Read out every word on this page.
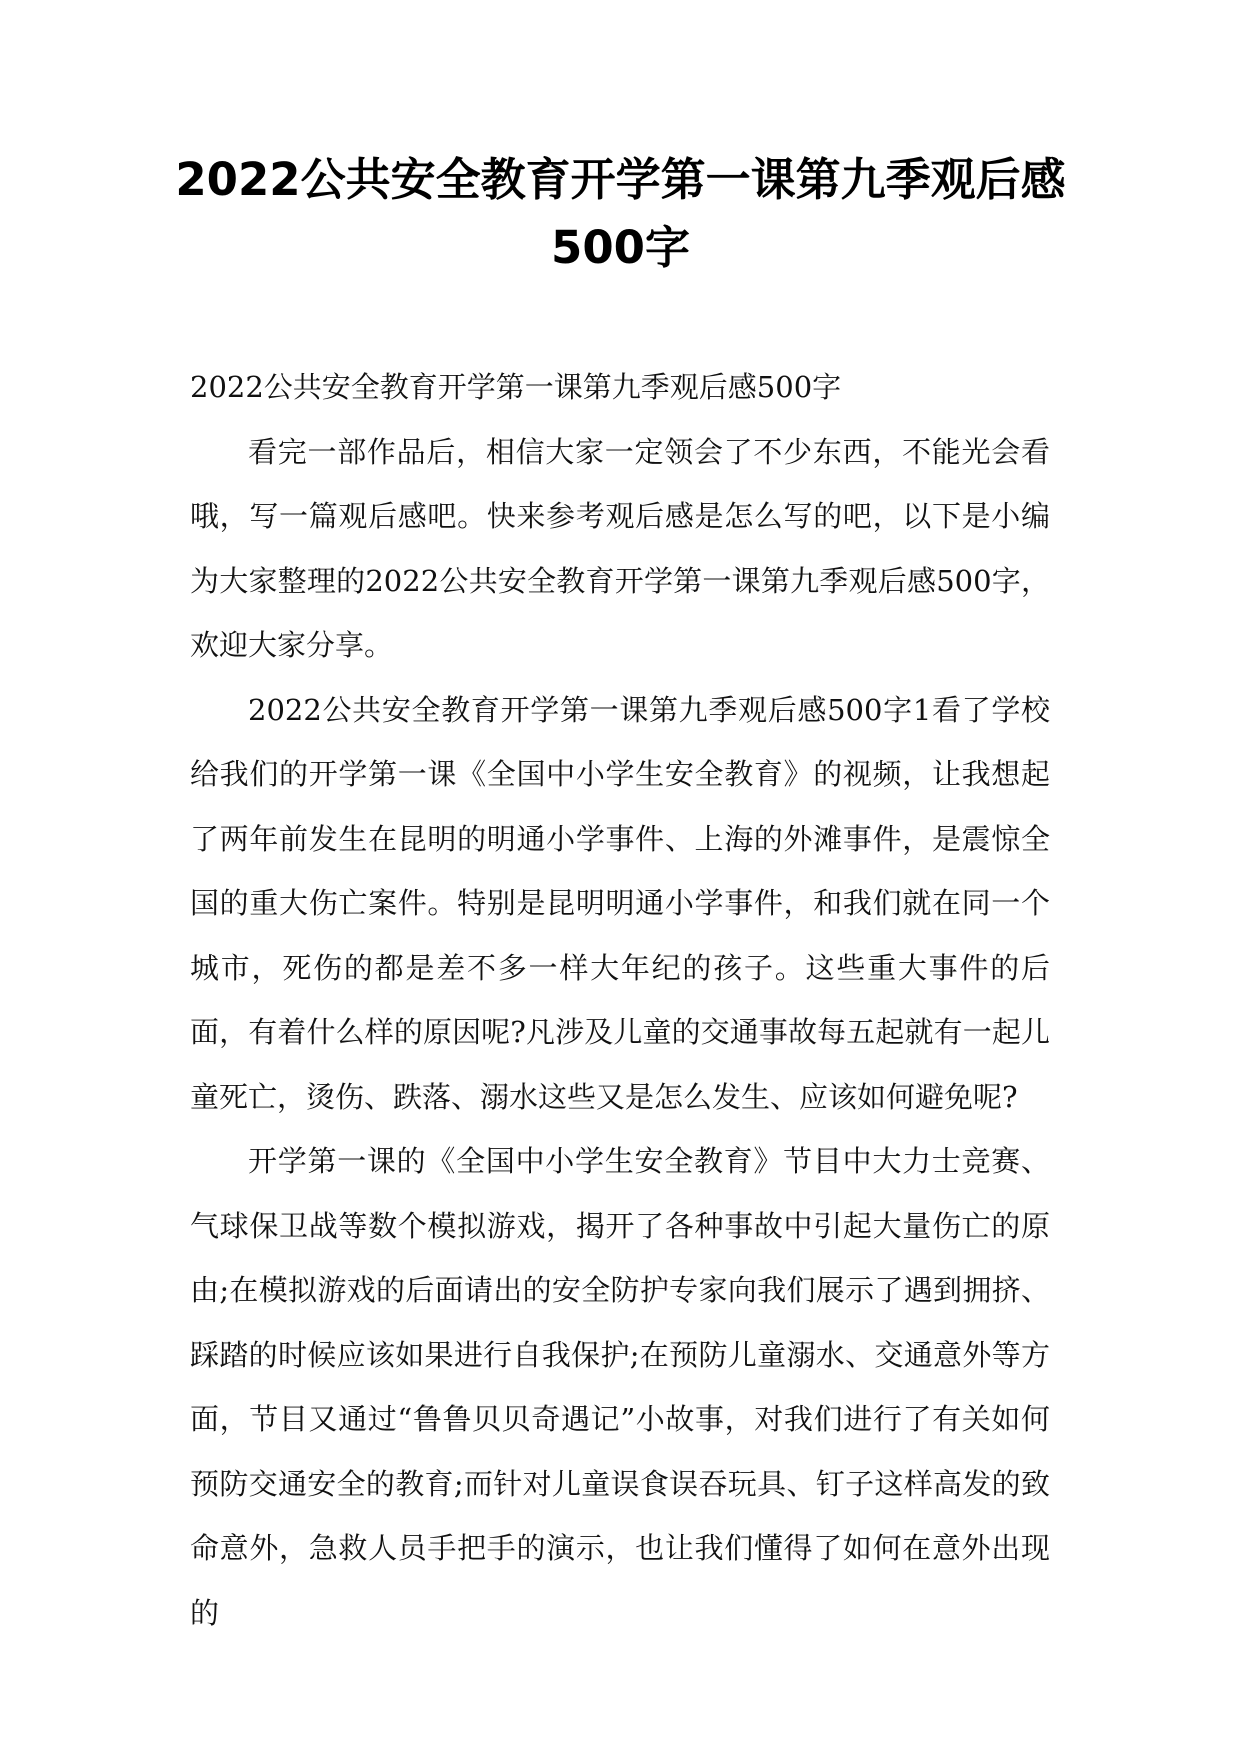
2022公共安全教育开学第一课第九季观后感500字

2022公共安全教育开学第一课第九季观后感500字

看完一部作品后，相信大家一定领会了不少东西，不能光会看哦，写一篇观后感吧。快来参考观后感是怎么写的吧，以下是小编为大家整理的2022公共安全教育开学第一课第九季观后感500字，欢迎大家分享。

2022公共安全教育开学第一课第九季观后感500字1看了学校给我们的开学第一课《全国中小学生安全教育》的视频，让我想起了两年前发生在昆明的明通小学事件、上海的外滩事件，是震惊全国的重大伤亡案件。特别是昆明明通小学事件，和我们就在同一个城市，死伤的都是差不多一样大年纪的孩子。这些重大事件的后面，有着什么样的原因呢?凡涉及儿童的交通事故每五起就有一起儿童死亡，烫伤、跌落、溺水这些又是怎么发生、应该如何避免呢?

开学第一课的《全国中小学生安全教育》节目中大力士竞赛、气球保卫战等数个模拟游戏，揭开了各种事故中引起大量伤亡的原由;在模拟游戏的后面请出的安全防护专家向我们展示了遇到拥挤、踩踏的时候应该如果进行自我保护;在预防儿童溺水、交通意外等方面，节目又通过“鲁鲁贝贝奇遇记”小故事，对我们进行了有关如何预防交通安全的教育;而针对儿童误食误吞玩具、钉子这样高发的致命意外，急救人员手把手的演示，也让我们懂得了如何在意外出现的
